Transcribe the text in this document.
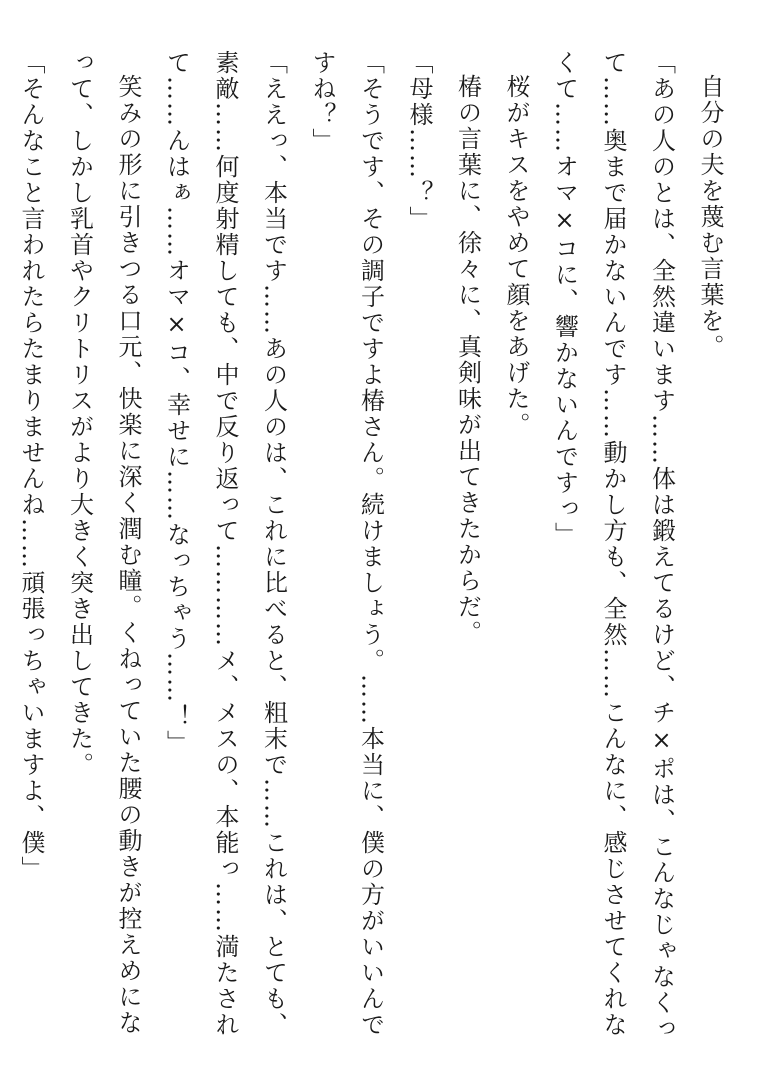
自分の夫を蔑む言葉を。

「あの人のとは、全然違います……体は鍛えてるけど、チ×ポは、こんなじゃなくって……奥まで届かないんです……動かし方も、全然……こんなに、感じさせてくれなくて……オマ×コに、響かないんですっ」

桜がキスをやめて顔をあげた。

椿の言葉に、徐々に、真剣味が出てきたからだ。

「母様……？」

「そうです、その調子ですよ椿さん。続けましょう。……本当に、僕の方がいいんですね？」

「ええっ、本当です……あの人のは、これに比べると、粗末で……これは、とても、素敵……何度射精しても、中で反り返って…………メ、メスの、本能っ……満たされて……んはぁ……オマ×コ、幸せに……なっちゃう……！」

笑みの形に引きつる口元、快楽に深く潤む瞳。くねっていた腰の動きが控えめになって、しかし乳首やクリトリスがより大きく突き出してきた。

「そんなこと言われたらたまりませんね……頑張っちゃいますよ、僕」
